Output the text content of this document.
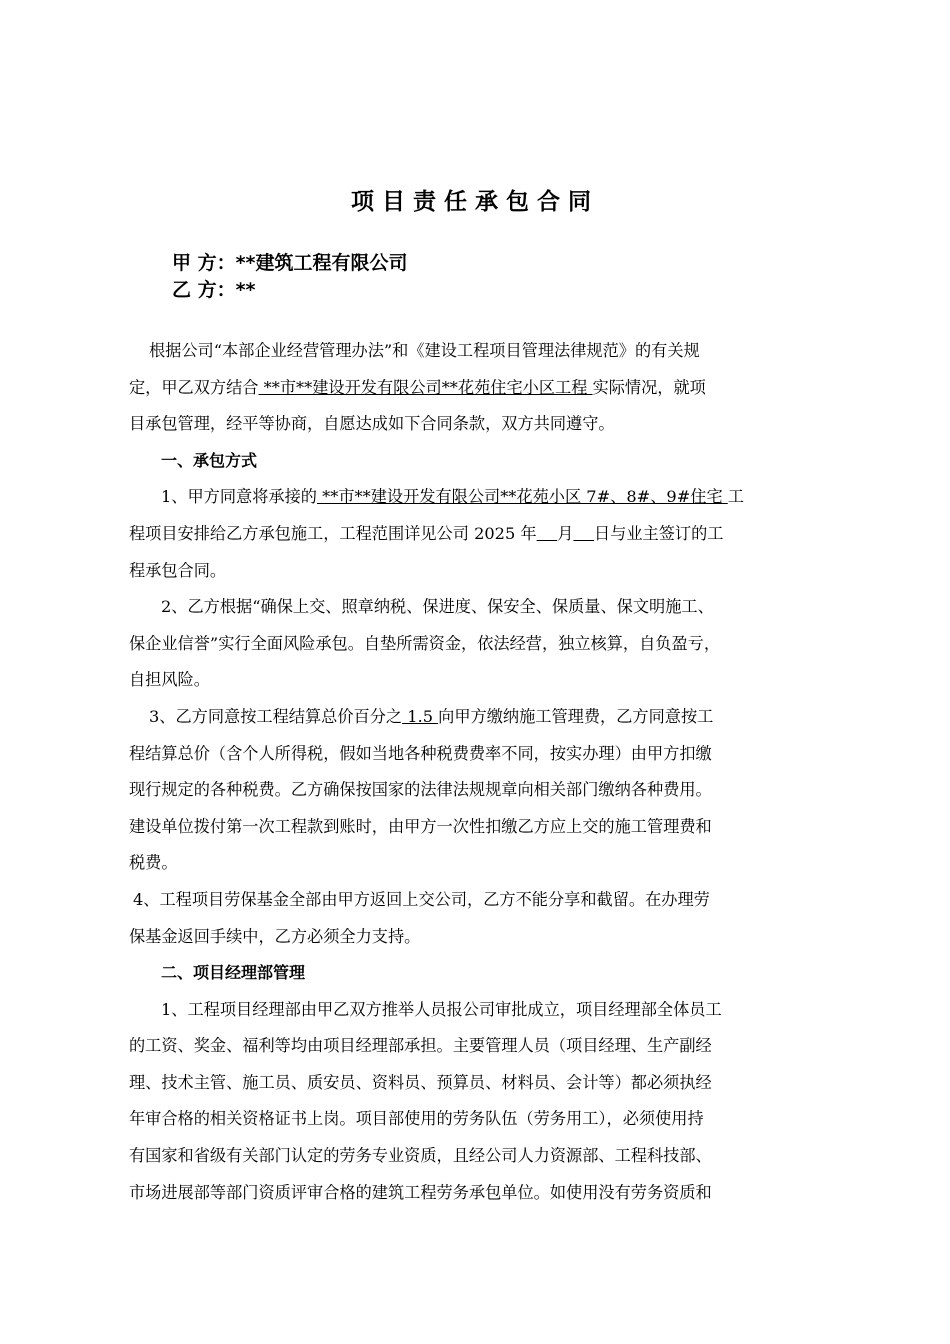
项目责任承包合同
甲 方：**建筑工程有限公司
乙 方：**
根据公司“本部企业经营管理办法”和《建设工程项目管理法律规范》的有关规
定，甲乙双方结合 **市**建设开发有限公司**花苑住宅小区工程 实际情况，就项
目承包管理，经平等协商，自愿达成如下合同条款，双方共同遵守。
一、承包方式
1、甲方同意将承接的 **市**建设开发有限公司**花苑小区 7#、8#、9#住宅 工
程项目安排给乙方承包施工，工程范围详见公司 2025 年 月 日与业主签订的工
程承包合同。
2、乙方根据“确保上交、照章纳税、保进度、保安全、保质量、保文明施工、
保企业信誉”实行全面风险承包。自垫所需资金，依法经营，独立核算，自负盈亏，
自担风险。
3、乙方同意按工程结算总价百分之 1.5 向甲方缴纳施工管理费，乙方同意按工
程结算总价（含个人所得税，假如当地各种税费费率不同，按实办理）由甲方扣缴
现行规定的各种税费。乙方确保按国家的法律法规规章向相关部门缴纳各种费用。
建设单位拨付第一次工程款到账时，由甲方一次性扣缴乙方应上交的施工管理费和
税费。
4、工程项目劳保基金全部由甲方返回上交公司，乙方不能分享和截留。在办理劳
保基金返回手续中，乙方必须全力支持。
二、项目经理部管理
1、工程项目经理部由甲乙双方推举人员报公司审批成立，项目经理部全体员工
的工资、奖金、福利等均由项目经理部承担。主要管理人员（项目经理、生产副经
理、技术主管、施工员、质安员、资料员、预算员、材料员、会计等）都必须执经
年审合格的相关资格证书上岗。项目部使用的劳务队伍（劳务用工），必须使用持
有国家和省级有关部门认定的劳务专业资质，且经公司人力资源部、工程科技部、
市场进展部等部门资质评审合格的建筑工程劳务承包单位。如使用没有劳务资质和
